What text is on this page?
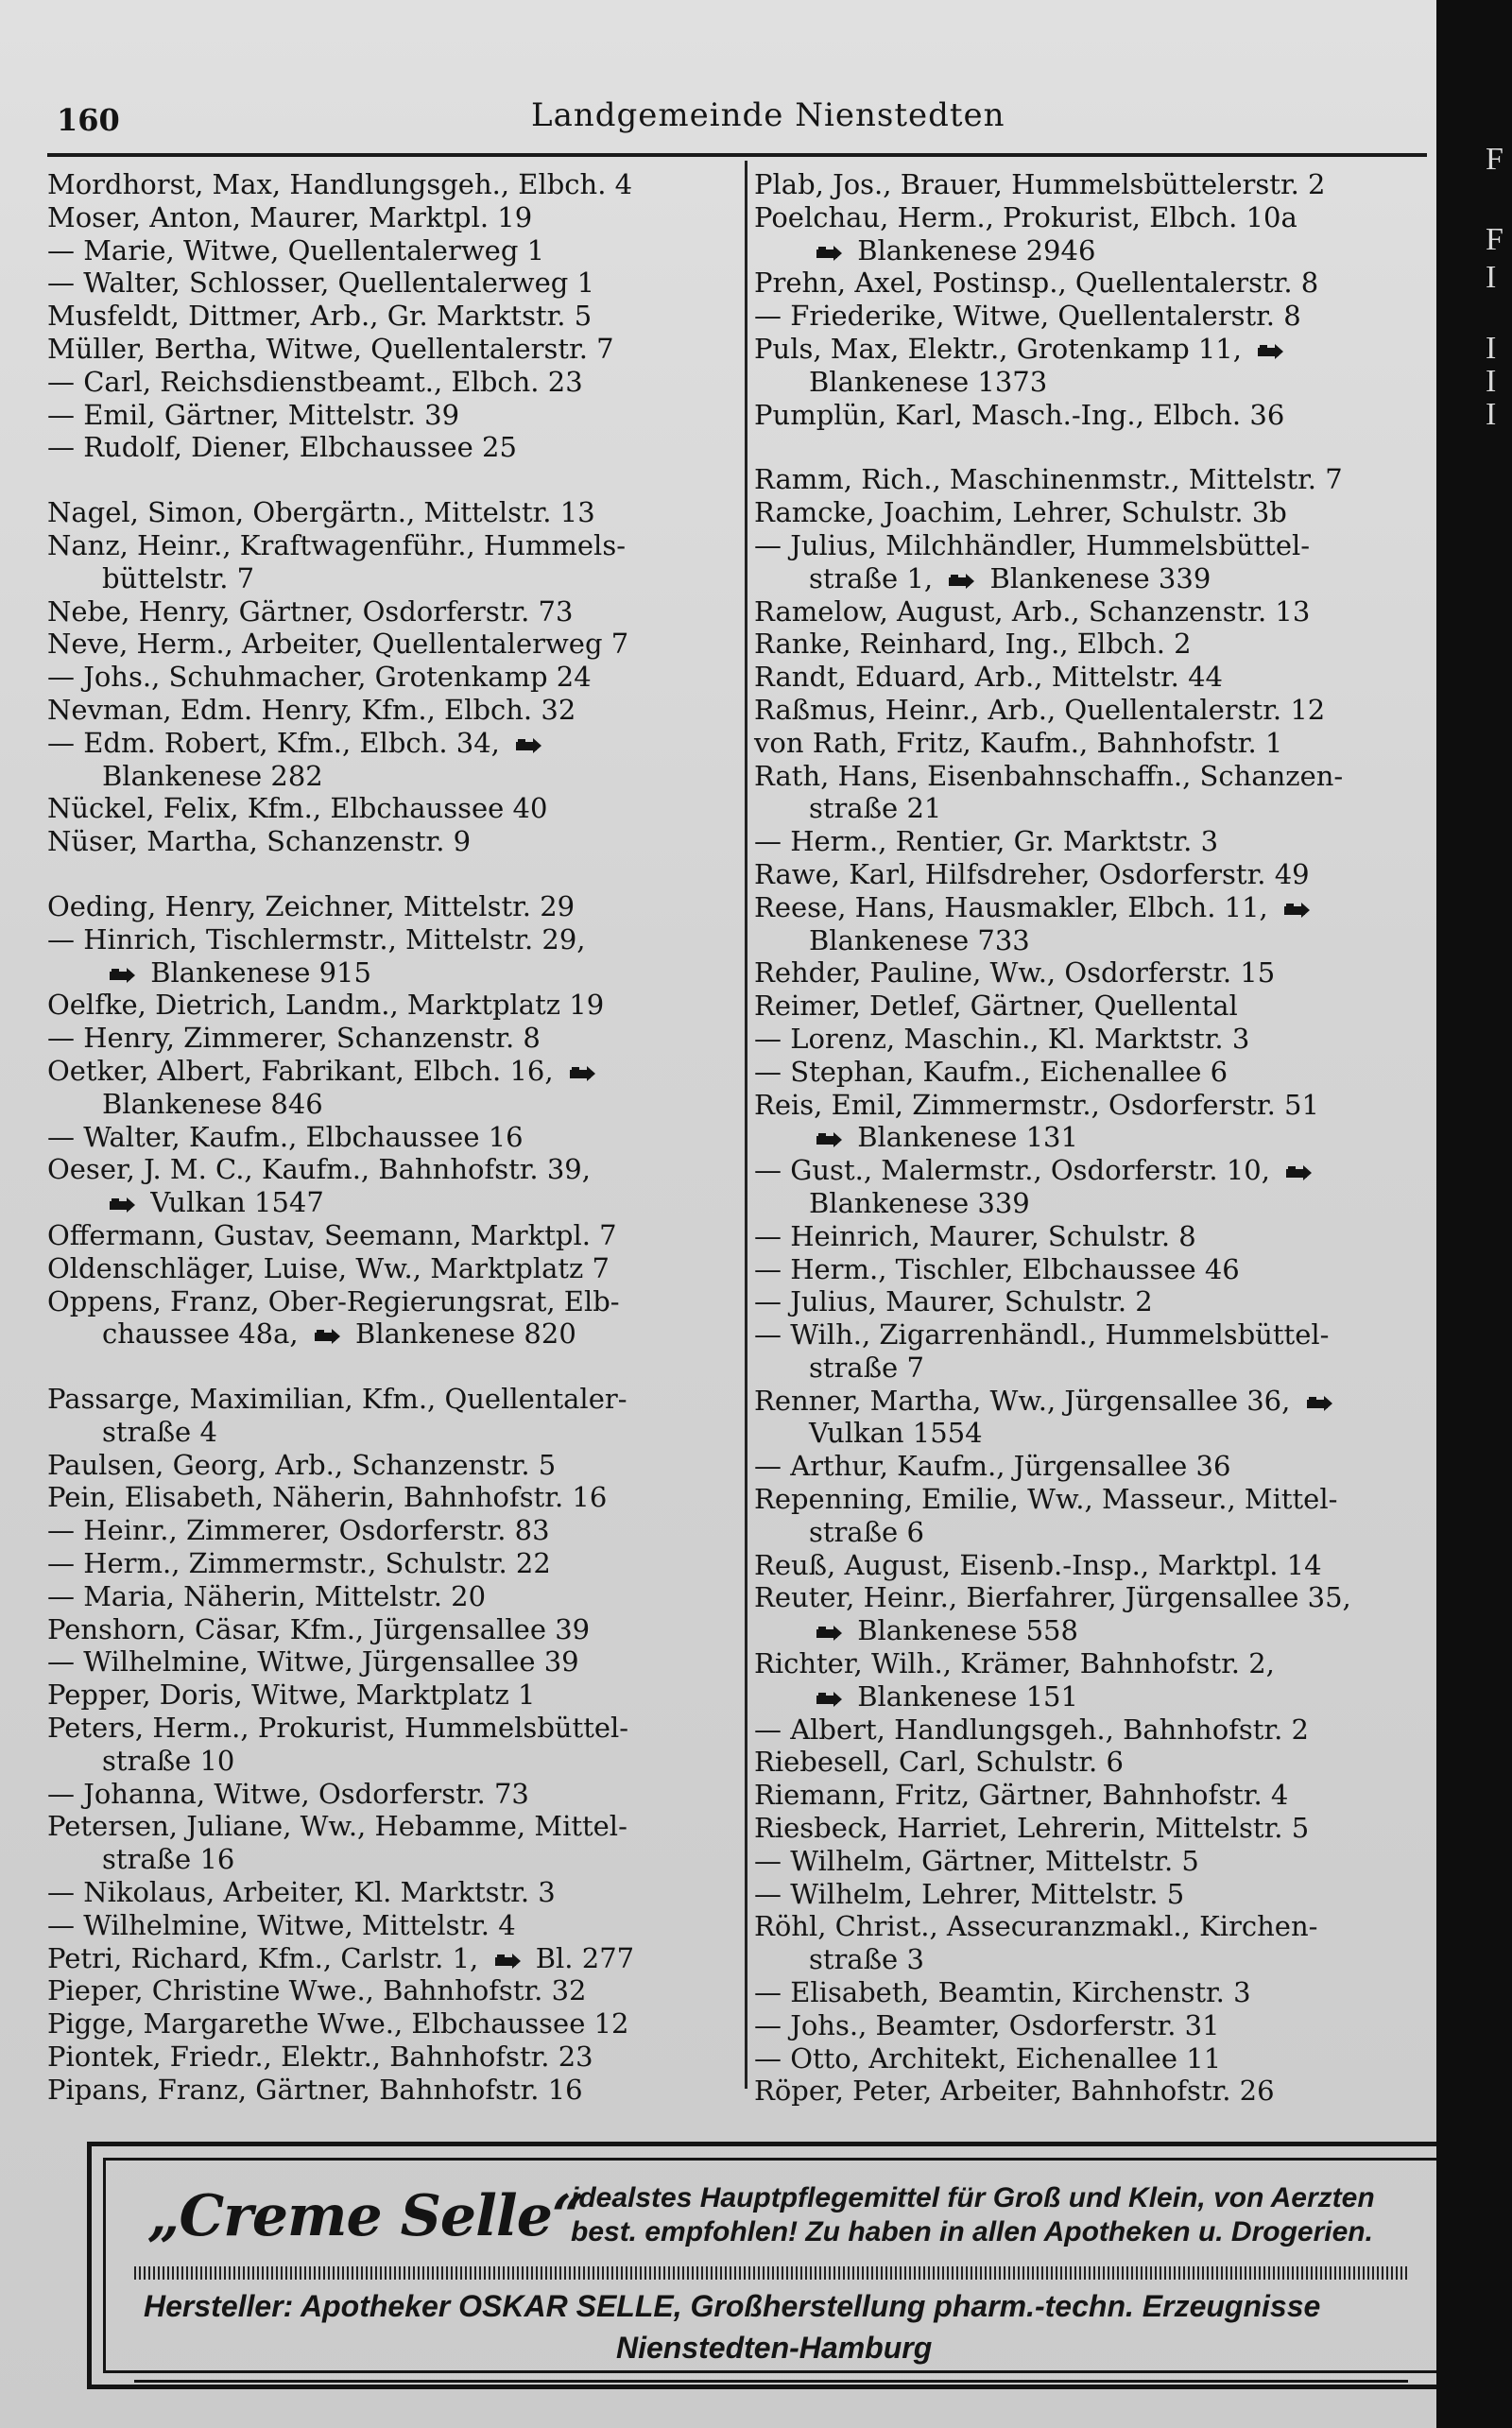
160	Landgemeinde Nienstedten
Mordhorst, Max, Handlungsgeh., Elbch. 4
Moser, Anton, Maurer, Marktpl. 19
— Marie, Witwe, Quellentalerweg 1
— Walter, Schlosser, Quellentalerweg 1
Musfeldt, Dittmer, Arb., Gr. Marktstr. 5
Müller, Bertha, Witwe, Quellentalerstr. 7
— Carl, Reichsdienstbeamt., Elbch. 23
— Emil, Gärtner, Mittelstr. 39
— Rudolf, Diener, Elbchaussee 25
Nagel, Simon, Obergärtn., Mittelstr. 13
Nanz, Heinr., Kraftwagenführ., Hummels-
büttelstr. 7
Nebe, Henry, Gärtner, Osdorferstr. 73
Neve, Herm., Arbeiter, Quellentalerweg 7
— Johs., Schuhmacher, Grotenkamp 24
Nevman, Edm. Henry, Kfm., Elbch. 32
— Edm. Robert, Kfm., Elbch. 34,
Blankenese 282
Nückel, Felix, Kfm., Elbchaussee 40
Nüser, Martha, Schanzenstr. 9
Oeding, Henry, Zeichner, Mittelstr. 29
— Hinrich, Tischlermstr., Mittelstr. 29,
Blankenese 915
Oelfke, Dietrich, Landm., Marktplatz 19
— Henry, Zimmerer, Schanzenstr. 8
Oetker, Albert, Fabrikant, Elbch. 16,
Blankenese 846
— Walter, Kaufm., Elbchaussee 16
Oeser, J. M. C., Kaufm., Bahnhofstr. 39,
Vulkan 1547
Offermann, Gustav, Seemann, Marktpl. 7
Oldenschläger, Luise, Ww., Marktplatz 7
Oppens, Franz, Ober-Regierungsrat, Elb-
chaussee 48a,  Blankenese 820
Passarge, Maximilian, Kfm., Quellentaler-
straße 4
Paulsen, Georg, Arb., Schanzenstr. 5
Pein, Elisabeth, Näherin, Bahnhofstr. 16
— Heinr., Zimmerer, Osdorferstr. 83
— Herm., Zimmermstr., Schulstr. 22
— Maria, Näherin, Mittelstr. 20
Penshorn, Cäsar, Kfm., Jürgensallee 39
— Wilhelmine, Witwe, Jürgensallee 39
Pepper, Doris, Witwe, Marktplatz 1
Peters, Herm., Prokurist, Hummelsbüttel-
straße 10
— Johanna, Witwe, Osdorferstr. 73
Petersen, Juliane, Ww., Hebamme, Mittel-
straße 16
— Nikolaus, Arbeiter, Kl. Marktstr. 3
— Wilhelmine, Witwe, Mittelstr. 4
Petri, Richard, Kfm., Carlstr. 1,  Bl. 277
Pieper, Christine Wwe., Bahnhofstr. 32
Pigge, Margarethe Wwe., Elbchaussee 12
Piontek, Friedr., Elektr., Bahnhofstr. 23
Pipans, Franz, Gärtner, Bahnhofstr. 16
Plab, Jos., Brauer, Hummelsbüttelerstr. 2
Poelchau, Herm., Prokurist, Elbch. 10a
Blankenese 2946
Prehn, Axel, Postinsp., Quellentalerstr. 8
— Friederike, Witwe, Quellentalerstr. 8
Puls, Max, Elektr., Grotenkamp 11,
Blankenese 1373
Pumplün, Karl, Masch.-Ing., Elbch. 36
Ramm, Rich., Maschinenmstr., Mittelstr. 7
Ramcke, Joachim, Lehrer, Schulstr. 3b
— Julius, Milchhändler, Hummelsbüttel-
straße 1,  Blankenese 339
Ramelow, August, Arb., Schanzenstr. 13
Ranke, Reinhard, Ing., Elbch. 2
Randt, Eduard, Arb., Mittelstr. 44
Raßmus, Heinr., Arb., Quellentalerstr. 12
von Rath, Fritz, Kaufm., Bahnhofstr. 1
Rath, Hans, Eisenbahnschaffn., Schanzen-
straße 21
— Herm., Rentier, Gr. Marktstr. 3
Rawe, Karl, Hilfsdreher, Osdorferstr. 49
Reese, Hans, Hausmakler, Elbch. 11,
Blankenese 733
Rehder, Pauline, Ww., Osdorferstr. 15
Reimer, Detlef, Gärtner, Quellental
— Lorenz, Maschin., Kl. Marktstr. 3
— Stephan, Kaufm., Eichenallee 6
Reis, Emil, Zimmermstr., Osdorferstr. 51
Blankenese 131
— Gust., Malermstr., Osdorferstr. 10,
Blankenese 339
— Heinrich, Maurer, Schulstr. 8
— Herm., Tischler, Elbchaussee 46
— Julius, Maurer, Schulstr. 2
— Wilh., Zigarrenhändl., Hummelsbüttel-
straße 7
Renner, Martha, Ww., Jürgensallee 36,
Vulkan 1554
— Arthur, Kaufm., Jürgensallee 36
Repenning, Emilie, Ww., Masseur., Mittel-
straße 6
Reuß, August, Eisenb.-Insp., Marktpl. 14
Reuter, Heinr., Bierfahrer, Jürgensallee 35,
Blankenese 558
Richter, Wilh., Krämer, Bahnhofstr. 2,
Blankenese 151
— Albert, Handlungsgeh., Bahnhofstr. 2
Riebesell, Carl, Schulstr. 6
Riemann, Fritz, Gärtner, Bahnhofstr. 4
Riesbeck, Harriet, Lehrerin, Mittelstr. 5
— Wilhelm, Gärtner, Mittelstr. 5
— Wilhelm, Lehrer, Mittelstr. 5
Röhl, Christ., Assecuranzmakl., Kirchen-
straße 3
— Elisabeth, Beamtin, Kirchenstr. 3
— Johs., Beamter, Osdorferstr. 31
— Otto, Architekt, Eichenallee 11
Röper, Peter, Arbeiter, Bahnhofstr. 26
„Creme Selle“
idealstes Hauptpflegemittel für Groß und Klein, von Aerzten
best. empfohlen! Zu haben in allen Apotheken u. Drogerien.
Hersteller: Apotheker OSKAR SELLE, Großherstellung pharm.-techn. Erzeugnisse
Nienstedten-Hamburg
F
F
I
I
I
I
